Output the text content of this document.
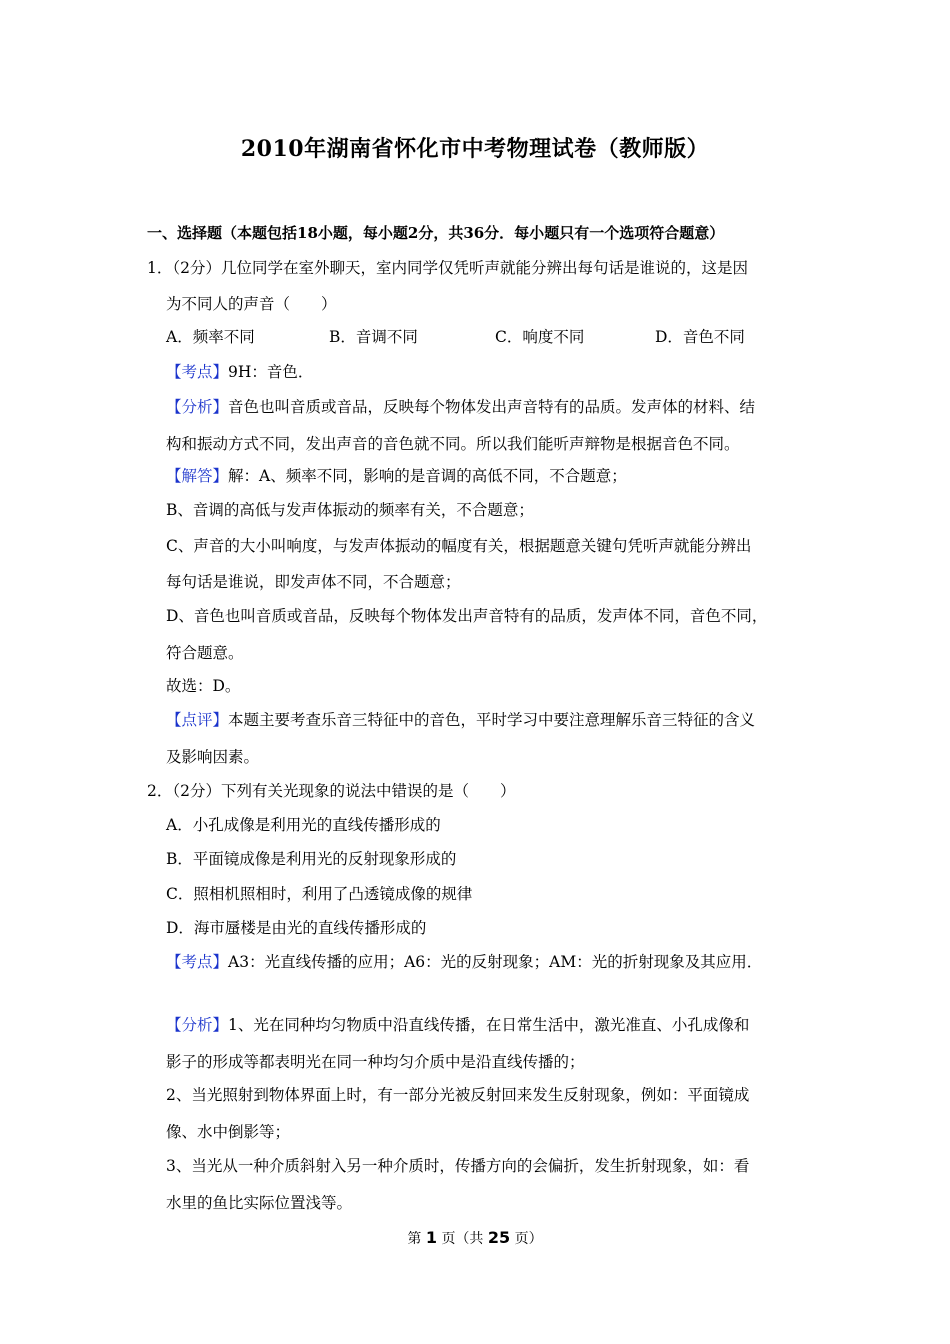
2010年湖南省怀化市中考物理试卷（教师版）
一、选择题（本题包括18小题，每小题2分，共36分．每小题只有一个选项符合题意）
1．（2分）几位同学在室外聊天，室内同学仅凭听声就能分辨出每句话是谁说的，这是因
为不同人的声音（　　）
A．频率不同	B．音调不同	C．响度不同	D．音色不同
【考点】9H：音色．
【分析】音色也叫音质或音品，反映每个物体发出声音特有的品质。发声体的材料、结
构和振动方式不同，发出声音的音色就不同。所以我们能听声辩物是根据音色不同。
【解答】解：A、频率不同，影响的是音调的高低不同，不合题意；
B、音调的高低与发声体振动的频率有关，不合题意；
C、声音的大小叫响度，与发声体振动的幅度有关，根据题意关键句凭听声就能分辨出
每句话是谁说，即发声体不同，不合题意；
D、音色也叫音质或音品，反映每个物体发出声音特有的品质，发声体不同，音色不同，
符合题意。
故选：D。
【点评】本题主要考查乐音三特征中的音色，平时学习中要注意理解乐音三特征的含义
及影响因素。
2．（2分）下列有关光现象的说法中错误的是（　　）
A．小孔成像是利用光的直线传播形成的
B．平面镜成像是利用光的反射现象形成的
C．照相机照相时，利用了凸透镜成像的规律
D．海市蜃楼是由光的直线传播形成的
【考点】A3：光直线传播的应用；A6：光的反射现象；AM：光的折射现象及其应用．
【分析】1、光在同种均匀物质中沿直线传播，在日常生活中，激光准直、小孔成像和
影子的形成等都表明光在同一种均匀介质中是沿直线传播的；
2、当光照射到物体界面上时，有一部分光被反射回来发生反射现象，例如：平面镜成
像、水中倒影等；
3、当光从一种介质斜射入另一种介质时，传播方向的会偏折，发生折射现象，如：看
水里的鱼比实际位置浅等。
第 1 页（共 25 页）
